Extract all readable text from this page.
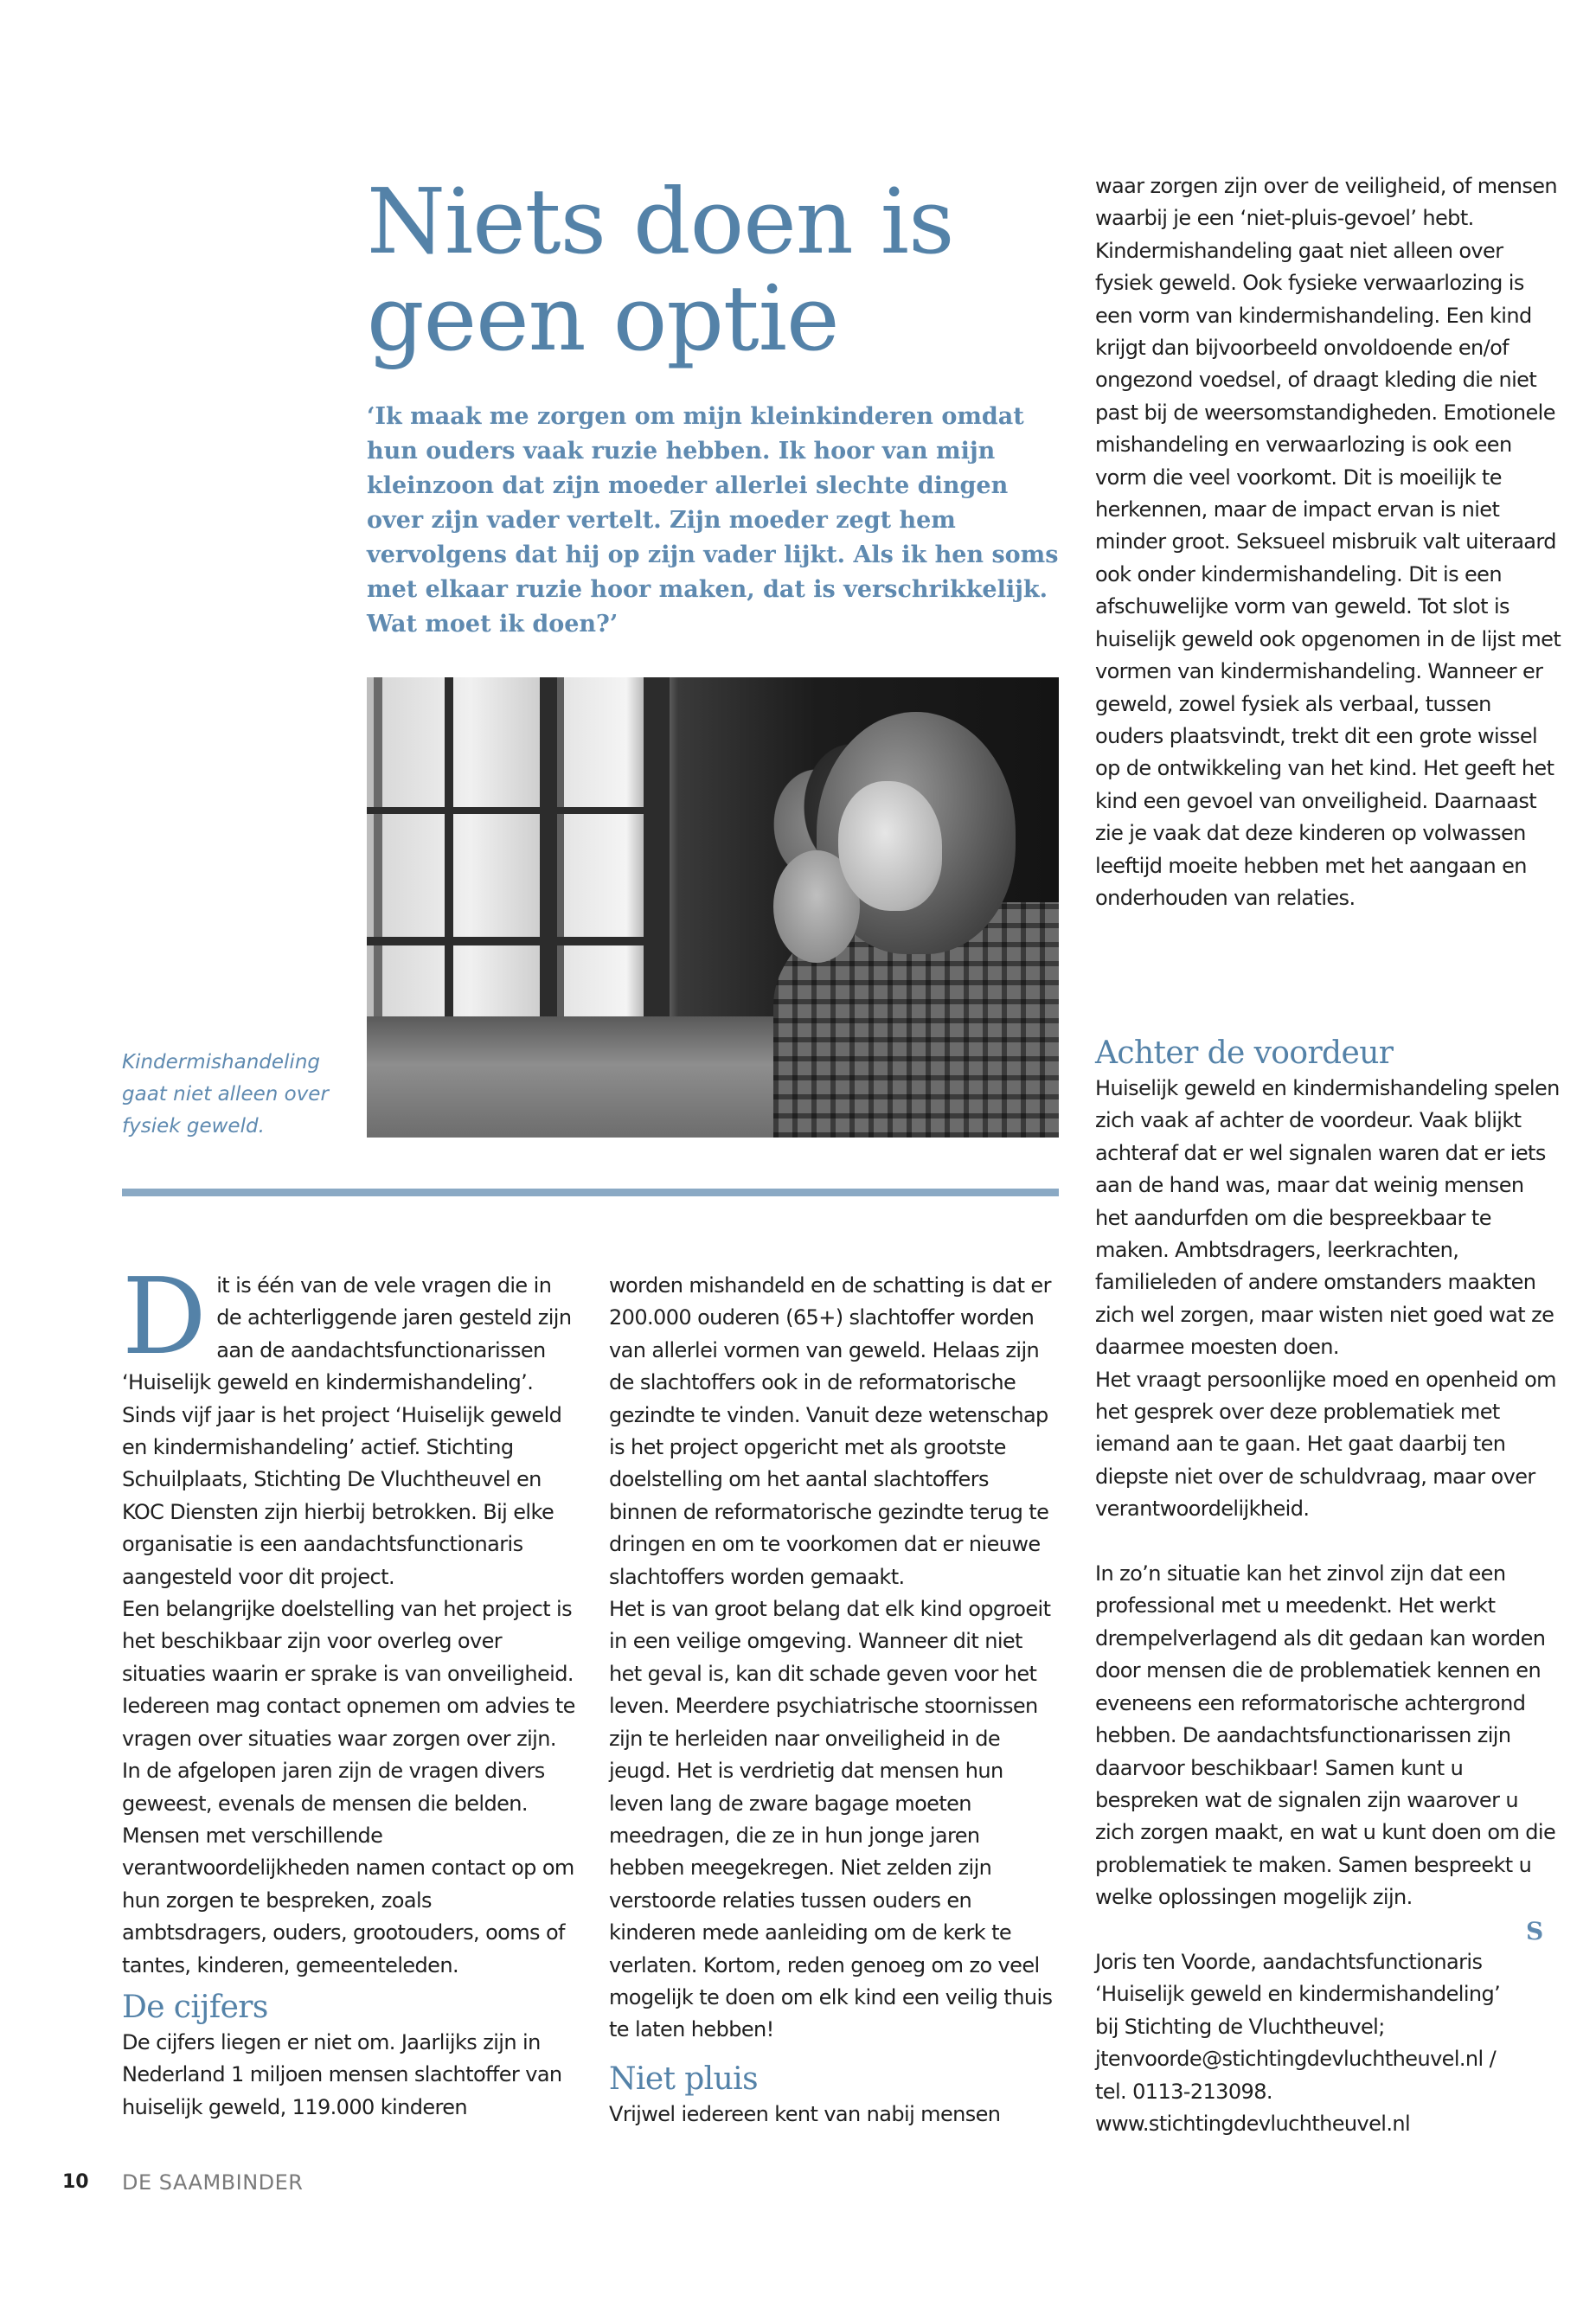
Niets doen is
geen optie

‘Ik maak me zorgen om mijn kleinkinderen omdat hun ouders vaak ruzie hebben. Ik hoor van mijn kleinzoon dat zijn moeder allerlei slechte dingen over zijn vader vertelt. Zijn moeder zegt hem vervolgens dat hij op zijn vader lijkt. Als ik hen soms met elkaar ruzie hoor maken, dat is verschrikkelijk. Wat moet ik doen?’

Kindermishandeling gaat niet alleen over fysiek geweld.

D it is één van de vele vragen die in de achterliggende jaren gesteld zijn aan de aandachtsfunctionarissen ‘Huiselijk geweld en kindermishandeling’. Sinds vijf jaar is het project ‘Huiselijk geweld en kindermishandeling’ actief. Stichting Schuilplaats, Stichting De Vluchtheuvel en KOC Diensten zijn hierbij betrokken. Bij elke organisatie is een aandachtsfunctionaris aangesteld voor dit project.

Een belangrijke doelstelling van het project is het beschikbaar zijn voor overleg over situaties waarin er sprake is van onveiligheid. Iedereen mag contact opnemen om advies te vragen over situaties waar zorgen over zijn. In de afgelopen jaren zijn de vragen divers geweest, evenals de mensen die belden. Mensen met verschillende verantwoordelijkheden namen contact op om hun zorgen te bespreken, zoals ambtsdragers, ouders, grootouders, ooms of tantes, kinderen, gemeenteleden.

De cijfers

De cijfers liegen er niet om. Jaarlijks zijn in Nederland 1 miljoen mensen slachtoffer van huiselijk geweld, 119.000 kinderen

worden mishandeld en de schatting is dat er 200.000 ouderen (65+) slachtoffer worden van allerlei vormen van geweld. Helaas zijn de slachtoffers ook in de reformatorische gezindte te vinden. Vanuit deze wetenschap is het project opgericht met als grootste doelstelling om het aantal slachtoffers binnen de reformatorische gezindte terug te dringen en om te voorkomen dat er nieuwe slachtoffers worden gemaakt.

Het is van groot belang dat elk kind opgroeit in een veilige omgeving. Wanneer dit niet het geval is, kan dit schade geven voor het leven. Meerdere psychiatrische stoornissen zijn te herleiden naar onveiligheid in de jeugd. Het is verdrietig dat mensen hun leven lang de zware bagage moeten meedragen, die ze in hun jonge jaren hebben meegekregen. Niet zelden zijn verstoorde relaties tussen ouders en kinderen mede aanleiding om de kerk te verlaten. Kortom, reden genoeg om zo veel mogelijk te doen om elk kind een veilig thuis te laten hebben!

Niet pluis

Vrijwel iedereen kent van nabij mensen

waar zorgen zijn over de veiligheid, of mensen waarbij je een ‘niet-pluis-gevoel’ hebt. Kindermishandeling gaat niet alleen over fysiek geweld. Ook fysieke verwaarlozing is een vorm van kindermishandeling. Een kind krijgt dan bijvoorbeeld onvoldoende en/of ongezond voedsel, of draagt kleding die niet past bij de weersomstandigheden. Emotionele mishandeling en verwaarlozing is ook een vorm die veel voorkomt. Dit is moeilijk te herkennen, maar de impact ervan is niet minder groot. Seksueel misbruik valt uiteraard ook onder kindermishandeling. Dit is een afschuwelijke vorm van geweld. Tot slot is huiselijk geweld ook opgenomen in de lijst met vormen van kindermishandeling. Wanneer er geweld, zowel fysiek als verbaal, tussen ouders plaatsvindt, trekt dit een grote wissel op de ontwikkeling van het kind. Het geeft het kind een gevoel van onveiligheid. Daarnaast zie je vaak dat deze kinderen op volwassen leeftijd moeite hebben met het aangaan en onderhouden van relaties.

Achter de voordeur

Huiselijk geweld en kindermishandeling spelen zich vaak af achter de voordeur. Vaak blijkt achteraf dat er wel signalen waren dat er iets aan de hand was, maar dat weinig mensen het aandurfden om die bespreekbaar te maken. Ambtsdragers, leerkrachten, familieleden of andere omstanders maakten zich wel zorgen, maar wisten niet goed wat ze daarmee moesten doen.

Het vraagt persoonlijke moed en openheid om het gesprek over deze problematiek met iemand aan te gaan. Het gaat daarbij ten diepste niet over de schuldvraag, maar over verantwoordelijkheid.

In zo’n situatie kan het zinvol zijn dat een professional met u meedenkt. Het werkt drempelverlagend als dit gedaan kan worden door mensen die de problematiek kennen en eveneens een reformatorische achtergrond hebben. De aandachtsfunctionarissen zijn daarvoor beschikbaar! Samen kunt u bespreken wat de signalen zijn waarover u zich zorgen maakt, en wat u kunt doen om die problematiek te maken. Samen bespreekt u welke oplossingen mogelijk zijn.

Joris ten Voorde, aandachtsfunctionaris
‘Huiselijk geweld en kindermishandeling’
bij Stichting de Vluchtheuvel;
jtenvoorde@stichtingdevluchtheuvel.nl /
tel. 0113-213098.
www.stichtingdevluchtheuvel.nl
S
10 DE SAAMBINDER
